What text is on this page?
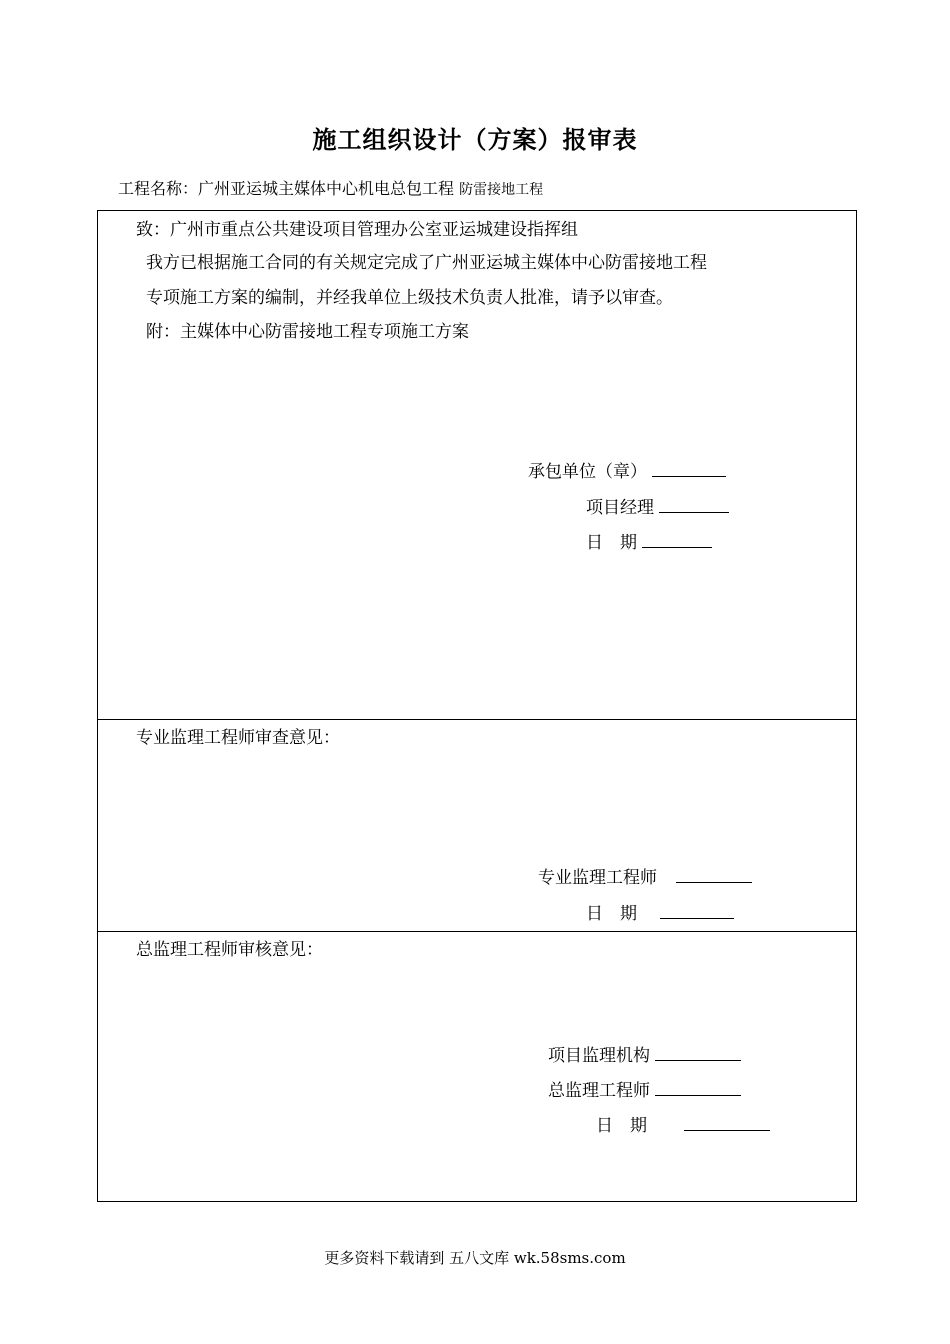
施工组织设计（方案）报审表
工程名称：广州亚运城主媒体中心机电总包工程 防雷接地工程
致：广州市重点公共建设项目管理办公室亚运城建设指挥组
我方已根据施工合同的有关规定完成了广州亚运城主媒体中心防雷接地工程
专项施工方案的编制，并经我单位上级技术负责人批准，请予以审查。
附：主媒体中心防雷接地工程专项施工方案
承包单位（章）
项目经理
日　期
专业监理工程师审查意见：
专业监理工程师
日　期
总监理工程师审核意见：
项目监理机构
总监理工程师
日　期
更多资料下载请到 五八文库 wk.58sms.com
